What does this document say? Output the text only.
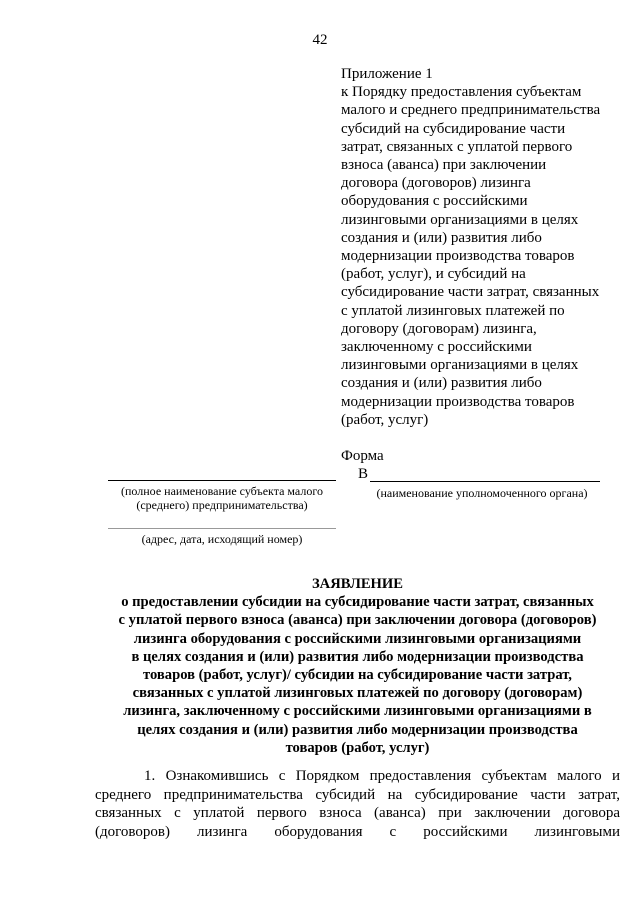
42
Приложение 1
к Порядку предоставления субъектам
малого и среднего предпринимательства
субсидий на субсидирование части
затрат, связанных с уплатой первого
взноса (аванса) при заключении
договора (договоров) лизинга
оборудования с российскими
лизинговыми организациями в целях
создания и (или) развития либо
модернизации производства товаров
(работ, услуг), и субсидий на
субсидирование части затрат, связанных
с уплатой лизинговых платежей по
договору (договорам) лизинга,
заключенному с российскими
лизинговыми организациями в целях
создания и (или) развития либо
модернизации производства товаров
(работ, услуг)
Форма
(полное наименование субъекта малого
(среднего) предпринимательства)
(адрес, дата, исходящий номер)
В
(наименование уполномоченного органа)
ЗАЯВЛЕНИЕ
о предоставлении субсидии на субсидирование части затрат, связанных
с уплатой первого взноса (аванса) при заключении договора (договоров)
лизинга оборудования с российскими лизинговыми организациями
в целях создания и (или) развития либо модернизации производства
товаров (работ, услуг)/ субсидии на субсидирование части затрат,
связанных с уплатой лизинговых платежей по договору (договорам)
лизинга, заключенному с российскими лизинговыми организациями в
целях создания и (или) развития либо модернизации производства
товаров (работ, услуг)
1. Ознакомившись с Порядком предоставления субъектам малого и
среднего предпринимательства субсидий на субсидирование части затрат,
связанных с уплатой первого взноса (аванса) при заключении договора
(договоров) лизинга оборудования с российскими лизинговыми
